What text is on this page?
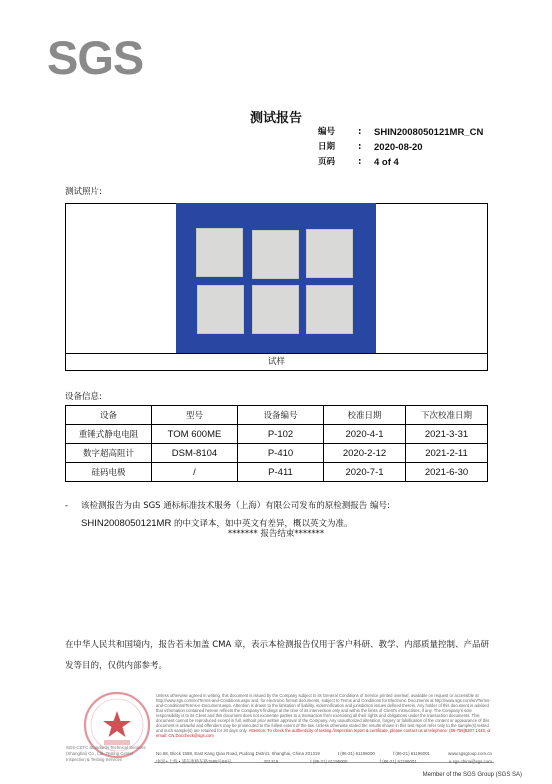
SGS
测试报告
编号	:	SHIN2008050121MR_CN
日期	:	2020-08-20
页码	:	4 of 4
测试照片:
试样
设备信息:
设备	型号	设备编号	校准日期	下次校准日期
重锤式静电电阻	TOM 600ME	P-102	2020-4-1	2021-3-31
数字超高阻计	DSM-8104	P-410	2020-2-12	2021-2-11
硅码电极	/	P-411	2020-7-1	2021-6-30
- 该检测报告为由 SGS 通标标准技术服务（上海）有限公司发布的原检测报告 编号:
SHIN2008050121MR 的中文译本，如中英文有差异，概以英文为准。
******* 报告结束*******
在中华人民共和国境内，报告若未加盖 CMA 章，表示本检测报告仅用于客户科研、教学、内部质量控制、产品研发等目的，仅供内部参考。
Unless otherwise agreed in writing, this document is issued by the Company subject to its General Conditions of Service printed overleaf, available on request or accessible at http://www.sgs.com/en/Terms-and-Conditions.aspx and, for electronic format documents, subject to Terms and Conditions for Electronic Documents at http://www.sgs.com/en/Terms-and-Conditions/Terms-e-Document.aspx. Attention is drawn to the limitation of liability, indemnification and jurisdiction issues defined therein. Any holder of this document is advised that information contained hereon reflects the Company's findings at the time of its intervention only and within the limits of Client's instructions, if any. The Company's sole responsibility is to its Client and this document does not exonerate parties to a transaction from exercising all their rights and obligations under the transaction documents. This document cannot be reproduced except in full, without prior written approval of the Company. Any unauthorized alteration, forgery or falsification of the content or appearance of this document is unlawful and offenders may be prosecuted to the fullest extent of the law. Unless otherwise stated the results shown in this test report refer only to the sample(s) tested and such sample(s) are retained for 30 days only. Attention: To check the authenticity of testing /inspection report & certificate, please contact us at telephone: (86-755)8307 1443, or email: CN.Doccheck@sgs.com
SGS-CSTC Standards Technical Services (Shanghai) Co., Ltd. Testing Center
Inspection & Testing Services
No.68, Block 1588, East Kang Qiao Road, Pudong District, Shanghai, China 201319	t (86-21) 61196000	f (86-21) 61196001	www.sgsgroup.com.cn
中国 • 上海 • 浦东康桥东路1588号68号	201319	t (86-21) 61196000	f (86-21) 61196001	e sgs.china@sgs.com
Member of the SGS Group (SGS SA)
